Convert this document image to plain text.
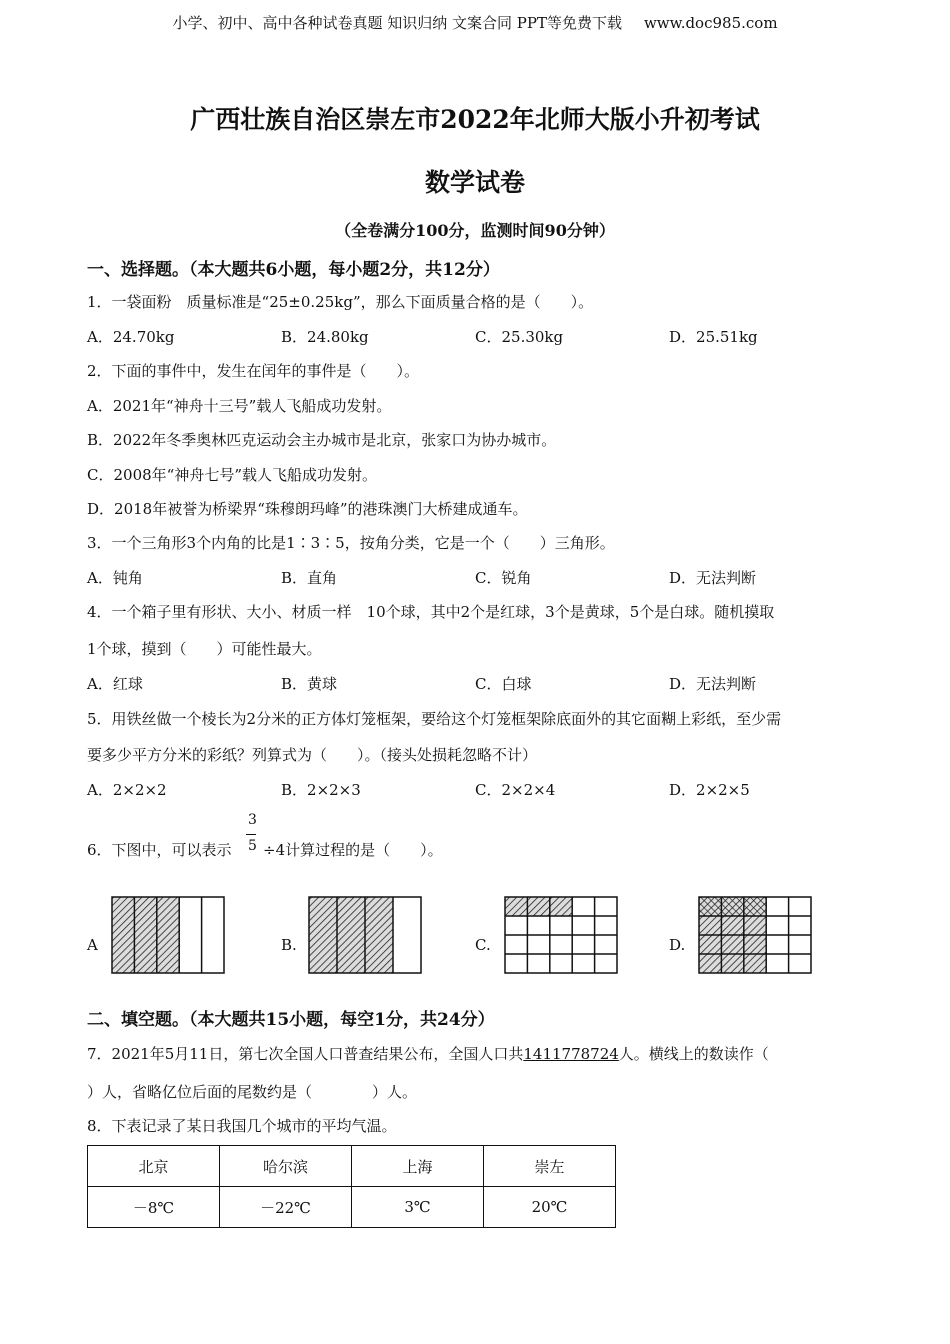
小学、初中、高中各种试卷真题 知识归纳 文案合同 PPT等免费下载 www.doc985.com
广西壮族自治区崇左市2022年北师大版小升初考试
数学试卷
（全卷满分100分，监测时间90分钟）
一、选择题。（本大题共6小题，每小题2分，共12分）
1．一袋面粉　质量标准是“25±0.25kg”，那么下面质量合格的是（　　）。
A．24.70kg	B．24.80kg	C．25.30kg	D．25.51kg
2．下面的事件中，发生在闰年的事件是（　　）。
A．2021年“神舟十三号”载人飞船成功发射。
B．2022年冬季奥林匹克运动会主办城市是北京，张家口为协办城市。
C．2008年“神舟七号”载人飞船成功发射。
D．2018年被誉为桥梁界“珠穆朗玛峰”的港珠澳门大桥建成通车。
3．一个三角形3个内角的比是1∶3∶5，按角分类，它是一个（　　）三角形。
A．钝角	B．直角	C．锐角	D．无法判断
4．一个箱子里有形状、大小、材质一样　10个球，其中2个是红球，3个是黄球，5个是白球。随机摸取
1个球，摸到（　　）可能性最大。
A．红球	B．黄球	C．白球	D．无法判断
5．用铁丝做一个棱长为2分米的正方体灯笼框架，要给这个灯笼框架除底面外的其它面糊上彩纸，至少需
要多少平方分米的彩纸？列算式为（　　）。（接头处损耗忽略不计）
A．2×2×2	B．2×2×3	C．2×2×4	D．2×2×5
6．下图中，可以表示
3
5 ÷4计算过程的是（　　）。
A	B.	C.	D.
二、填空题。（本大题共15小题，每空1分，共24分）
7．2021年5月11日，第七次全国人口普查结果公布，全国人口共1411778724人。横线上的数读作（
）人，省略亿位后面的尾数约是（　　　　）人。
8．下表记录了某日我国几个城市的平均气温。
北京	哈尔滨	上海	崇左
－8℃	－22℃	3℃	20℃
